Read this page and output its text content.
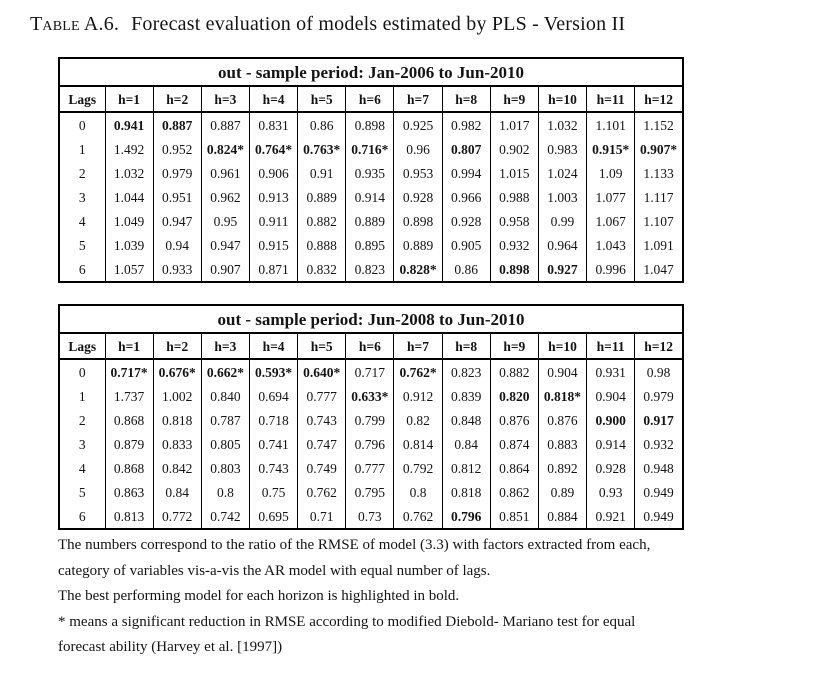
Table A.6. Forecast evaluation of models estimated by PLS - Version II
out - sample period: Jan-2006 to Jun-2010												
Lags	h=1	h=2	h=3	h=4	h=5	h=6	h=7	h=8	h=9	h=10	h=11	h=12
0	0.941	0.887	0.887	0.831	0.86	0.898	0.925	0.982	1.017	1.032	1.101	1.152
1	1.492	0.952	0.824*	0.764*	0.763*	0.716*	0.96	0.807	0.902	0.983	0.915*	0.907*
2	1.032	0.979	0.961	0.906	0.91	0.935	0.953	0.994	1.015	1.024	1.09	1.133
3	1.044	0.951	0.962	0.913	0.889	0.914	0.928	0.966	0.988	1.003	1.077	1.117
4	1.049	0.947	0.95	0.911	0.882	0.889	0.898	0.928	0.958	0.99	1.067	1.107
5	1.039	0.94	0.947	0.915	0.888	0.895	0.889	0.905	0.932	0.964	1.043	1.091
6	1.057	0.933	0.907	0.871	0.832	0.823	0.828*	0.86	0.898	0.927	0.996	1.047
out - sample period: Jun-2008 to Jun-2010												
Lags	h=1	h=2	h=3	h=4	h=5	h=6	h=7	h=8	h=9	h=10	h=11	h=12
0	0.717*	0.676*	0.662*	0.593*	0.640*	0.717	0.762*	0.823	0.882	0.904	0.931	0.98
1	1.737	1.002	0.840	0.694	0.777	0.633*	0.912	0.839	0.820	0.818*	0.904	0.979
2	0.868	0.818	0.787	0.718	0.743	0.799	0.82	0.848	0.876	0.876	0.900	0.917
3	0.879	0.833	0.805	0.741	0.747	0.796	0.814	0.84	0.874	0.883	0.914	0.932
4	0.868	0.842	0.803	0.743	0.749	0.777	0.792	0.812	0.864	0.892	0.928	0.948
5	0.863	0.84	0.8	0.75	0.762	0.795	0.8	0.818	0.862	0.89	0.93	0.949
6	0.813	0.772	0.742	0.695	0.71	0.73	0.762	0.796	0.851	0.884	0.921	0.949

The numbers correspond to the ratio of the RMSE of model (3.3) with factors extracted from each,

category of variables vis-a-vis the AR model with equal number of lags.

The best performing model for each horizon is highlighted in bold.

* means a significant reduction in RMSE according to modified Diebold- Mariano test for equal

forecast ability (Harvey et al. [1997])
